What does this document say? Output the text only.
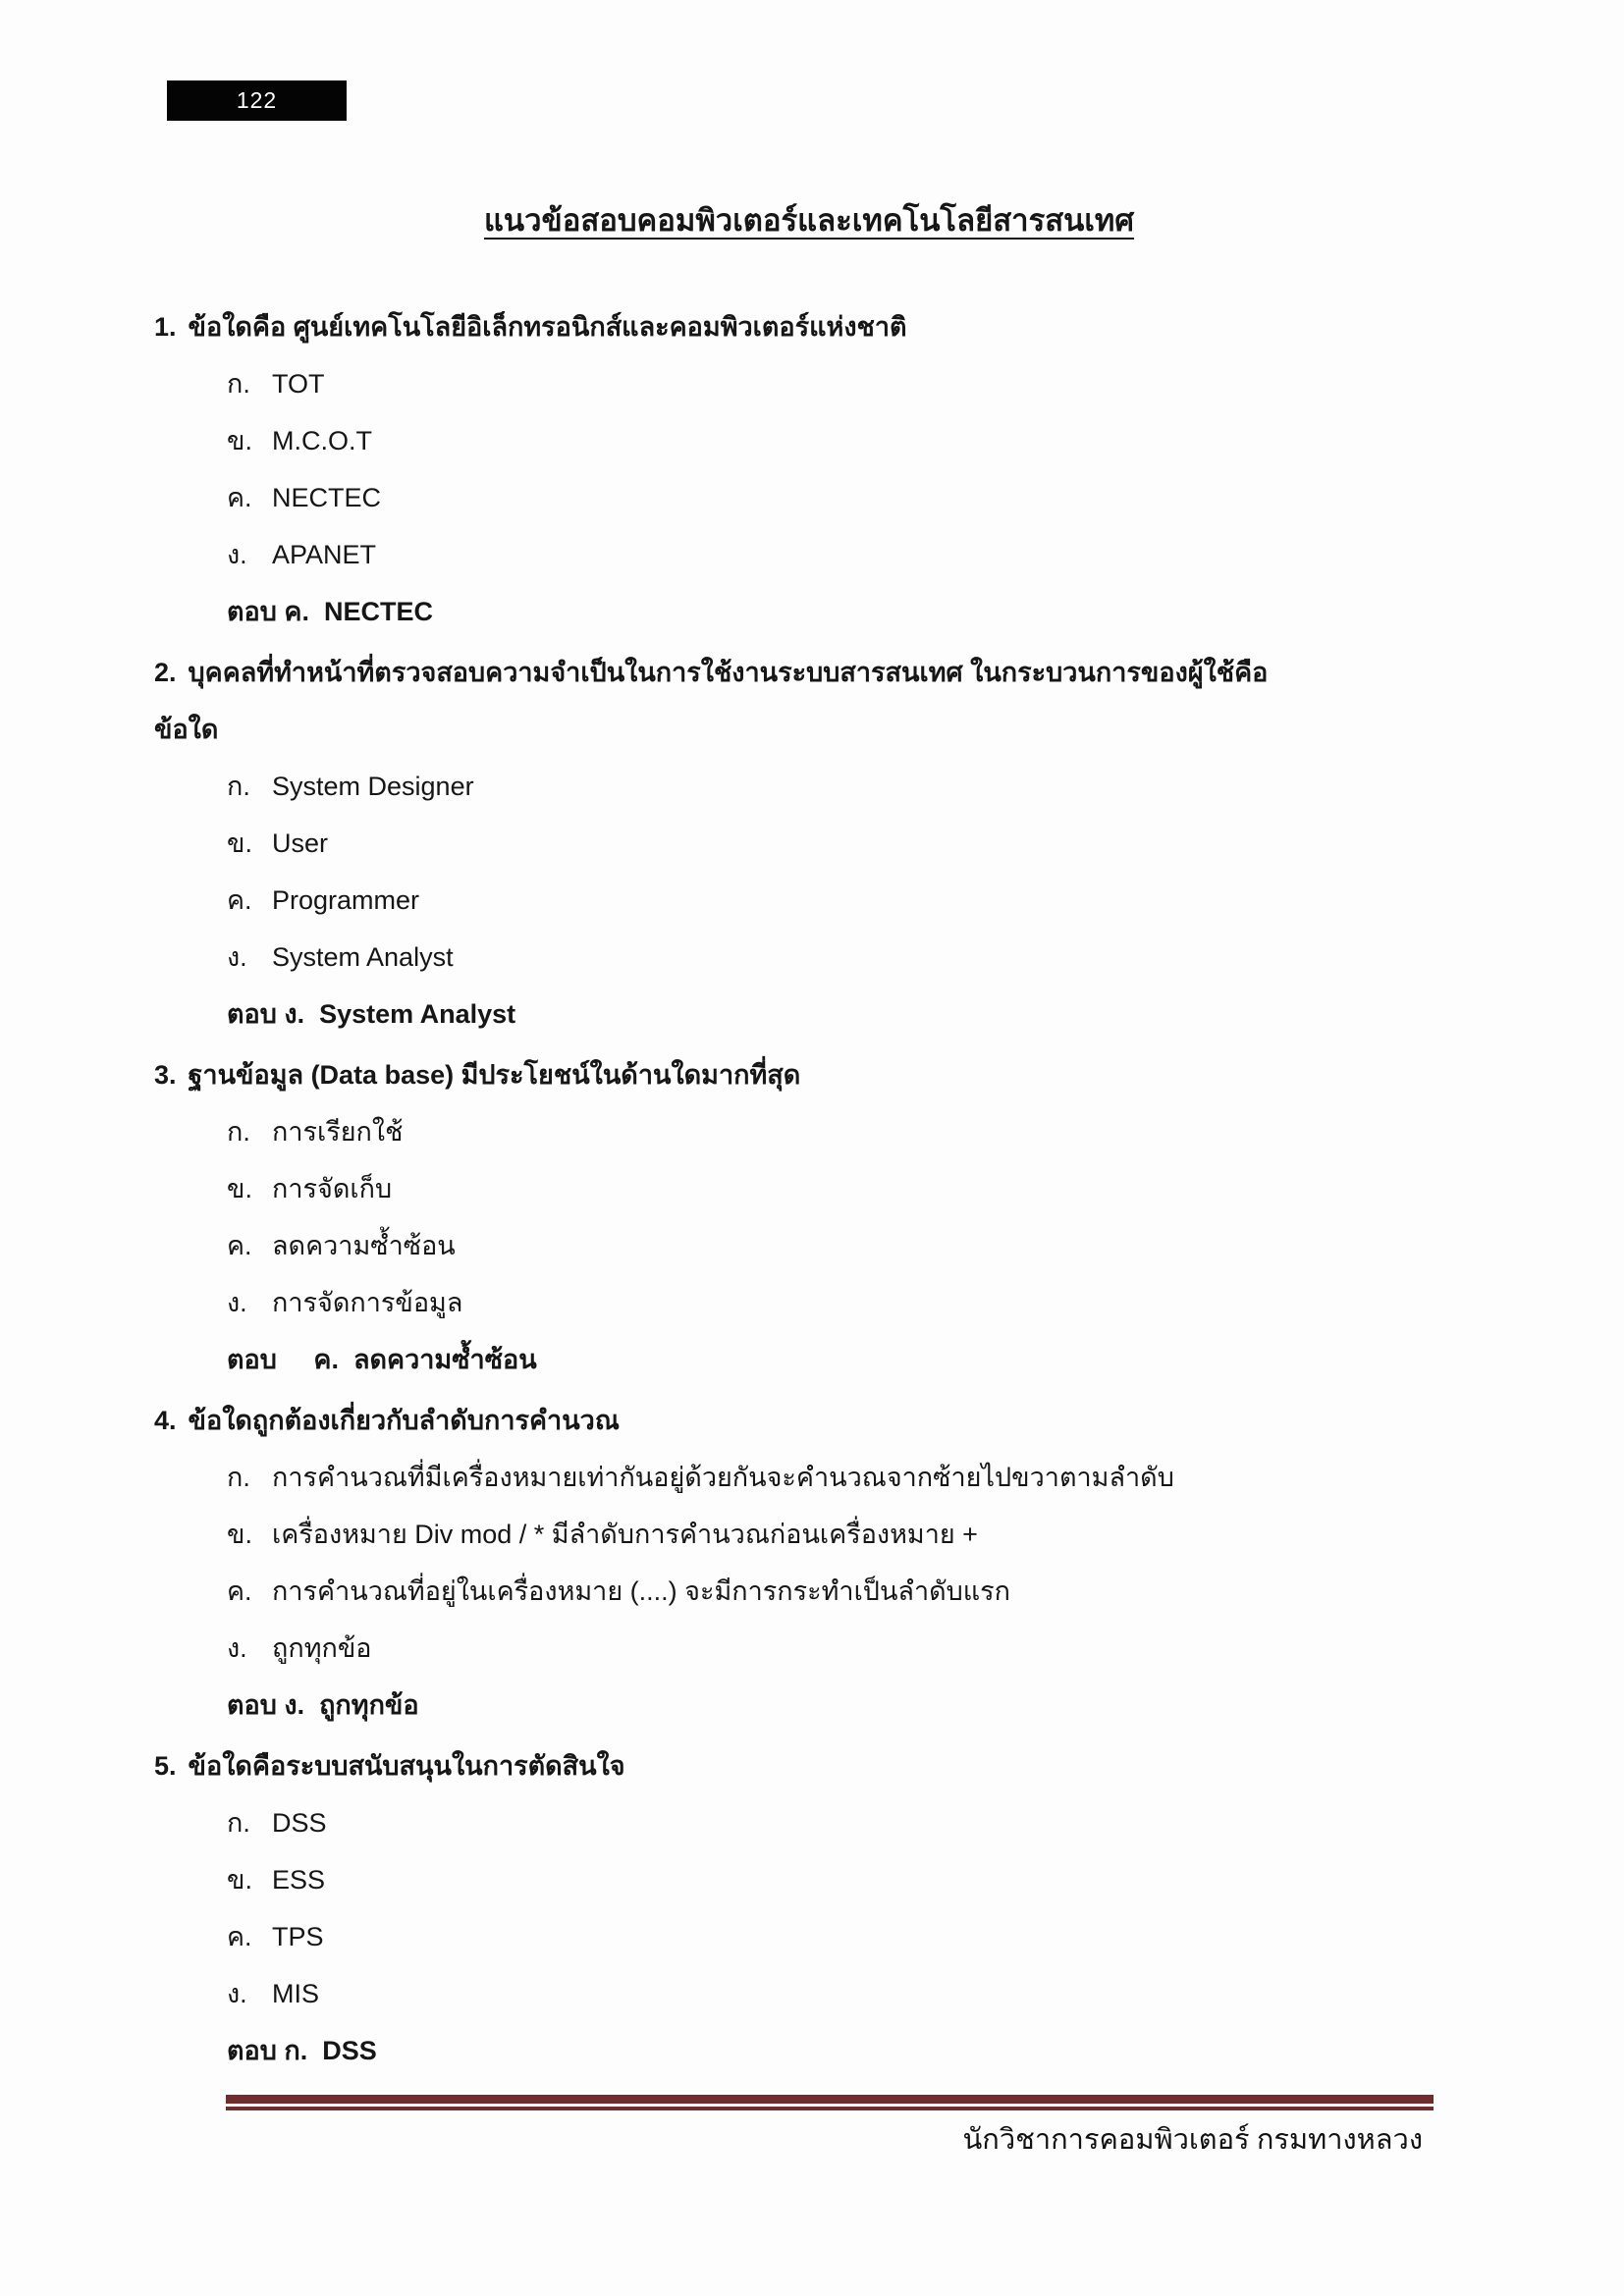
122
แนวข้อสอบคอมพิวเตอร์และเทคโนโลยีสารสนเทศ
1. ข้อใดคือ ศูนย์เทคโนโลยีอิเล็กทรอนิกส์และคอมพิวเตอร์แห่งชาติ
ก. TOT
ข. M.C.O.T
ค. NECTEC
ง. APANET
ตอบ ค.  NECTEC
2. บุคคลที่ทำหน้าที่ตรวจสอบความจำเป็นในการใช้งานระบบสารสนเทศ ในกระบวนการของผู้ใช้คือ
ข้อใด
ก. System Designer
ข. User
ค. Programmer
ง. System Analyst
ตอบ ง.  System Analyst
3. ฐานข้อมูล (Data base) มีประโยชน์ในด้านใดมากที่สุด
ก. การเรียกใช้
ข. การจัดเก็บ
ค. ลดความซ้ำซ้อน
ง. การจัดการข้อมูล
ตอบ     ค.  ลดความซ้ำซ้อน
4. ข้อใดถูกต้องเกี่ยวกับลำดับการคำนวณ
ก. การคำนวณที่มีเครื่องหมายเท่ากันอยู่ด้วยกันจะคำนวณจากซ้ายไปขวาตามลำดับ
ข. เครื่องหมาย Div mod / * มีลำดับการคำนวณก่อนเครื่องหมาย +
ค. การคำนวณที่อยู่ในเครื่องหมาย (....) จะมีการกระทำเป็นลำดับแรก
ง. ถูกทุกข้อ
ตอบ ง.  ถูกทุกข้อ
5. ข้อใดคือระบบสนับสนุนในการตัดสินใจ
ก. DSS
ข. ESS
ค. TPS
ง. MIS
ตอบ ก.  DSS
นักวิชาการคอมพิวเตอร์ กรมทางหลวง
